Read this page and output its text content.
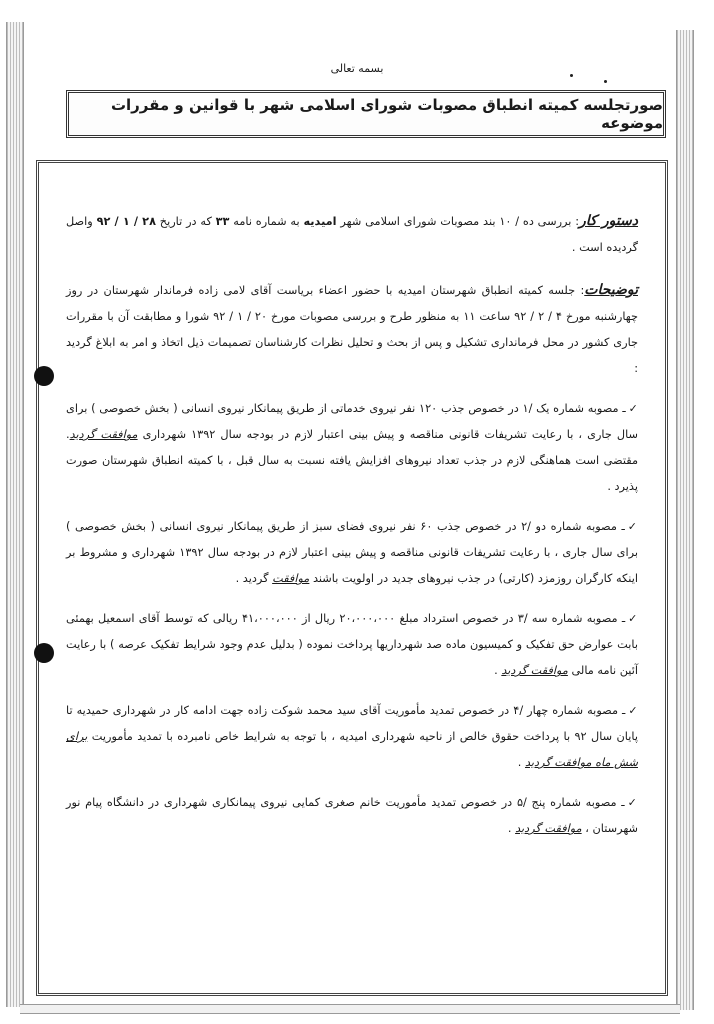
بسمه تعالی
صورتجلسه کمیته انطباق مصوبات شورای اسلامی شهر با قوانین و مقررات موضوعه

دستور کار: بررسی ده / ۱۰ بند مصوبات شورای اسلامی شهر امیدیه به شماره نامه ۳۳ که در تاریخ ۲۸ / ۱ / ۹۲ واصل گردیده است .

توضیحات: جلسه کمیته انطباق شهرستان امیدیه با حضور اعضاء بریاست آقای لامی زاده فرماندار شهرستان در روز چهارشنبه مورخ ۴ / ۲ / ۹۲ ساعت ۱۱ به منظور طرح و بررسی مصوبات مورخ ۲۰ / ۱ / ۹۲ شورا و مطابقت آن با مقررات جاری کشور در محل فرمانداری تشکیل و پس از بحث و تحلیل نظرات کارشناسان تصمیمات ذیل اتخاذ و امر به ابلاغ گردید :

✓ـ مصوبه شماره یک /۱ در خصوص جذب ۱۲۰ نفر نیروی خدماتی از طریق پیمانکار نیروی انسانی ( بخش خصوصی ) برای سال جاری ، با رعایت تشریفات قانونی مناقصه و پیش بینی اعتبار لازم در بودجه سال ۱۳۹۲ شهرداری موافقت گردید. مقتضی است هماهنگی لازم در جذب تعداد نیروهای افزایش یافته نسبت به سال قبل ، با کمیته انطباق شهرستان صورت پذیرد .

✓ـ مصوبه شماره دو /۲ در خصوص جذب ۶۰ نفر نیروی فضای سبز از طریق پیمانکار نیروی انسانی ( بخش خصوصی ) برای سال جاری ، با رعایت تشریفات قانونی مناقصه و پیش بینی اعتبار لازم در بودجه سال ۱۳۹۲ شهرداری و مشروط بر اینکه کارگران روزمزد (کارتی) در جذب نیروهای جدید در اولویت باشند موافقت گردید .

✓ـ مصوبه شماره سه /۳ در خصوص استرداد مبلغ ۲۰،۰۰۰،۰۰۰ ریال از ۴۱،۰۰۰،۰۰۰ ریالی که توسط آقای اسمعیل بهمئی بابت عوارض حق تفکیک و کمیسیون ماده صد شهرداریها پرداخت نموده ( بدلیل عدم وجود شرایط تفکیک عرصه ) با رعایت آئین نامه مالی موافقت گردید .

✓ـ مصوبه شماره چهار /۴ در خصوص تمدید مأموریت آقای سید محمد شوکت زاده جهت ادامه کار در شهرداری حمیدیه تا پایان سال ۹۲ با پرداخت حقوق خالص از ناحیه شهرداری امیدیه ، با توجه به شرایط خاص نامبرده با تمدید مأموریت برای شش ماه موافقت گردید .

✓ـ مصوبه شماره پنج /۵ در خصوص تمدید مأموریت خانم صغری کمایی نیروی پیمانکاری شهرداری در دانشگاه پیام نور شهرستان ، موافقت گردید .
